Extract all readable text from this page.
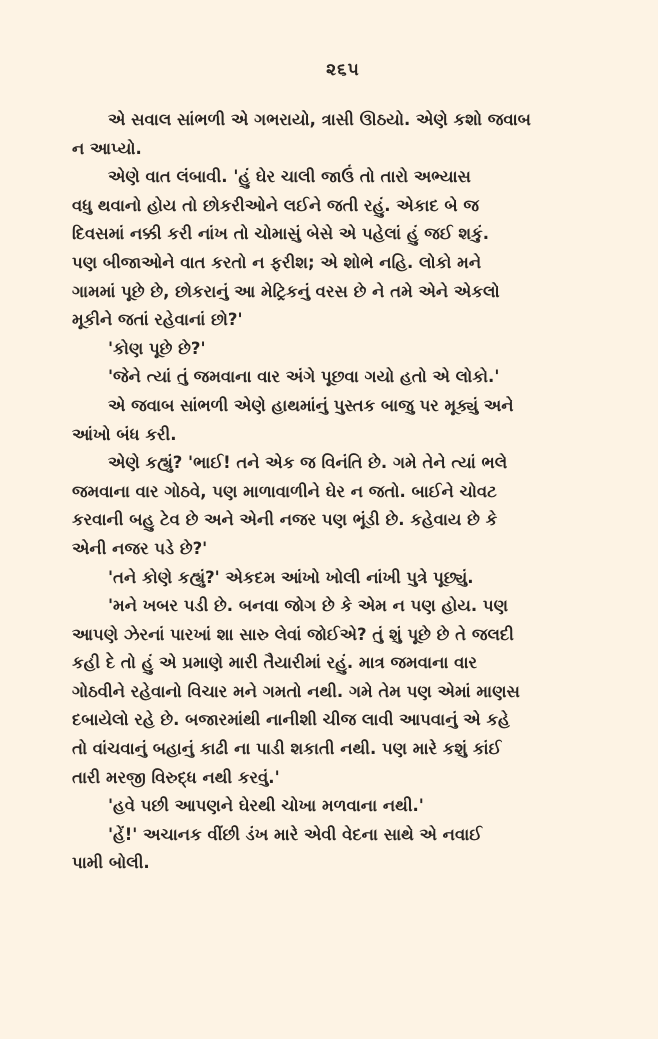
૨૬૫
એ સવાલ સાંભળી એ ગભરાયો, ત્રાસી ઊઠયો. એણે કશો જવાબ
ન આપ્યો.
એણે વાત લંબાવી. 'હું ઘેર ચાલી જાઉં તો તારો અભ્યાસ
વધુ થવાનો હોય તો છોકરીઓને લઈને જતી રહું. એકાદ બે જ
દિવસમાં નક્કી કરી નાંખ તો ચોમાસું બેસે એ પહેલાં હું જઈ શકું.
પણ બીજાઓને વાત કરતો ન ફરીશ; એ શોભે નહિ. લોકો મને
ગામમાં પૂછે છે, છોકરાનું આ મેટ્રિકનું વરસ છે ને તમે એને એકલો
મૂકીને જતાં રહેવાનાં છો?'
'કોણ પૂછે છે?'
'જેને ત્યાં તું જમવાના વાર અંગે પૂછવા ગયો હતો એ લોકો.'
એ જવાબ સાંભળી એણે હાથમાંનું પુસ્તક બાજુ પર મૂક્યું અને
આંખો બંધ કરી.
એણે કહ્યું? 'ભાઈ! તને એક જ વિનંતિ છે. ગમે તેને ત્યાં ભલે
જમવાના વાર ગોઠવે, પણ માળાવાળીને ઘેર ન જતો. બાઈને ચોવટ
કરવાની બહુ ટેવ છે અને એની નજર પણ ભૂંડી છે. કહેવાય છે કે
એની નજર પડે છે?'
'તને કોણે કહ્યું?' એકદમ આંખો ખોલી નાંખી પુત્રે પૂછ્યું.
'મને ખબર પડી છે. બનવા જોગ છે કે એમ ન પણ હોય. પણ
આપણે ઝેરનાં પારખાં શા સારુ લેવાં જોઈએ? તું શું પૂછે છે તે જલદી
કહી દે તો હું એ પ્રમાણે મારી તૈયારીમાં રહું. માત્ર જમવાના વાર
ગોઠવીને રહેવાનો વિચાર મને ગમતો નથી. ગમે તેમ પણ એમાં માણસ
દબાયેલો રહે છે. બજારમાંથી નાનીશી ચીજ લાવી આપવાનું એ કહે
તો વાંચવાનું બહાનું કાઢી ના પાડી શકાતી નથી. પણ મારે કશું કાંઈ
તારી મરજી વિરુદ્ધ નથી કરવું.'
'હવે પછી આપણને ઘેરથી ચોખા મળવાના નથી.'
'હેં!' અચાનક વીંછી ડંખ મારે એવી વેદના સાથે એ નવાઈ
પામી બોલી.
